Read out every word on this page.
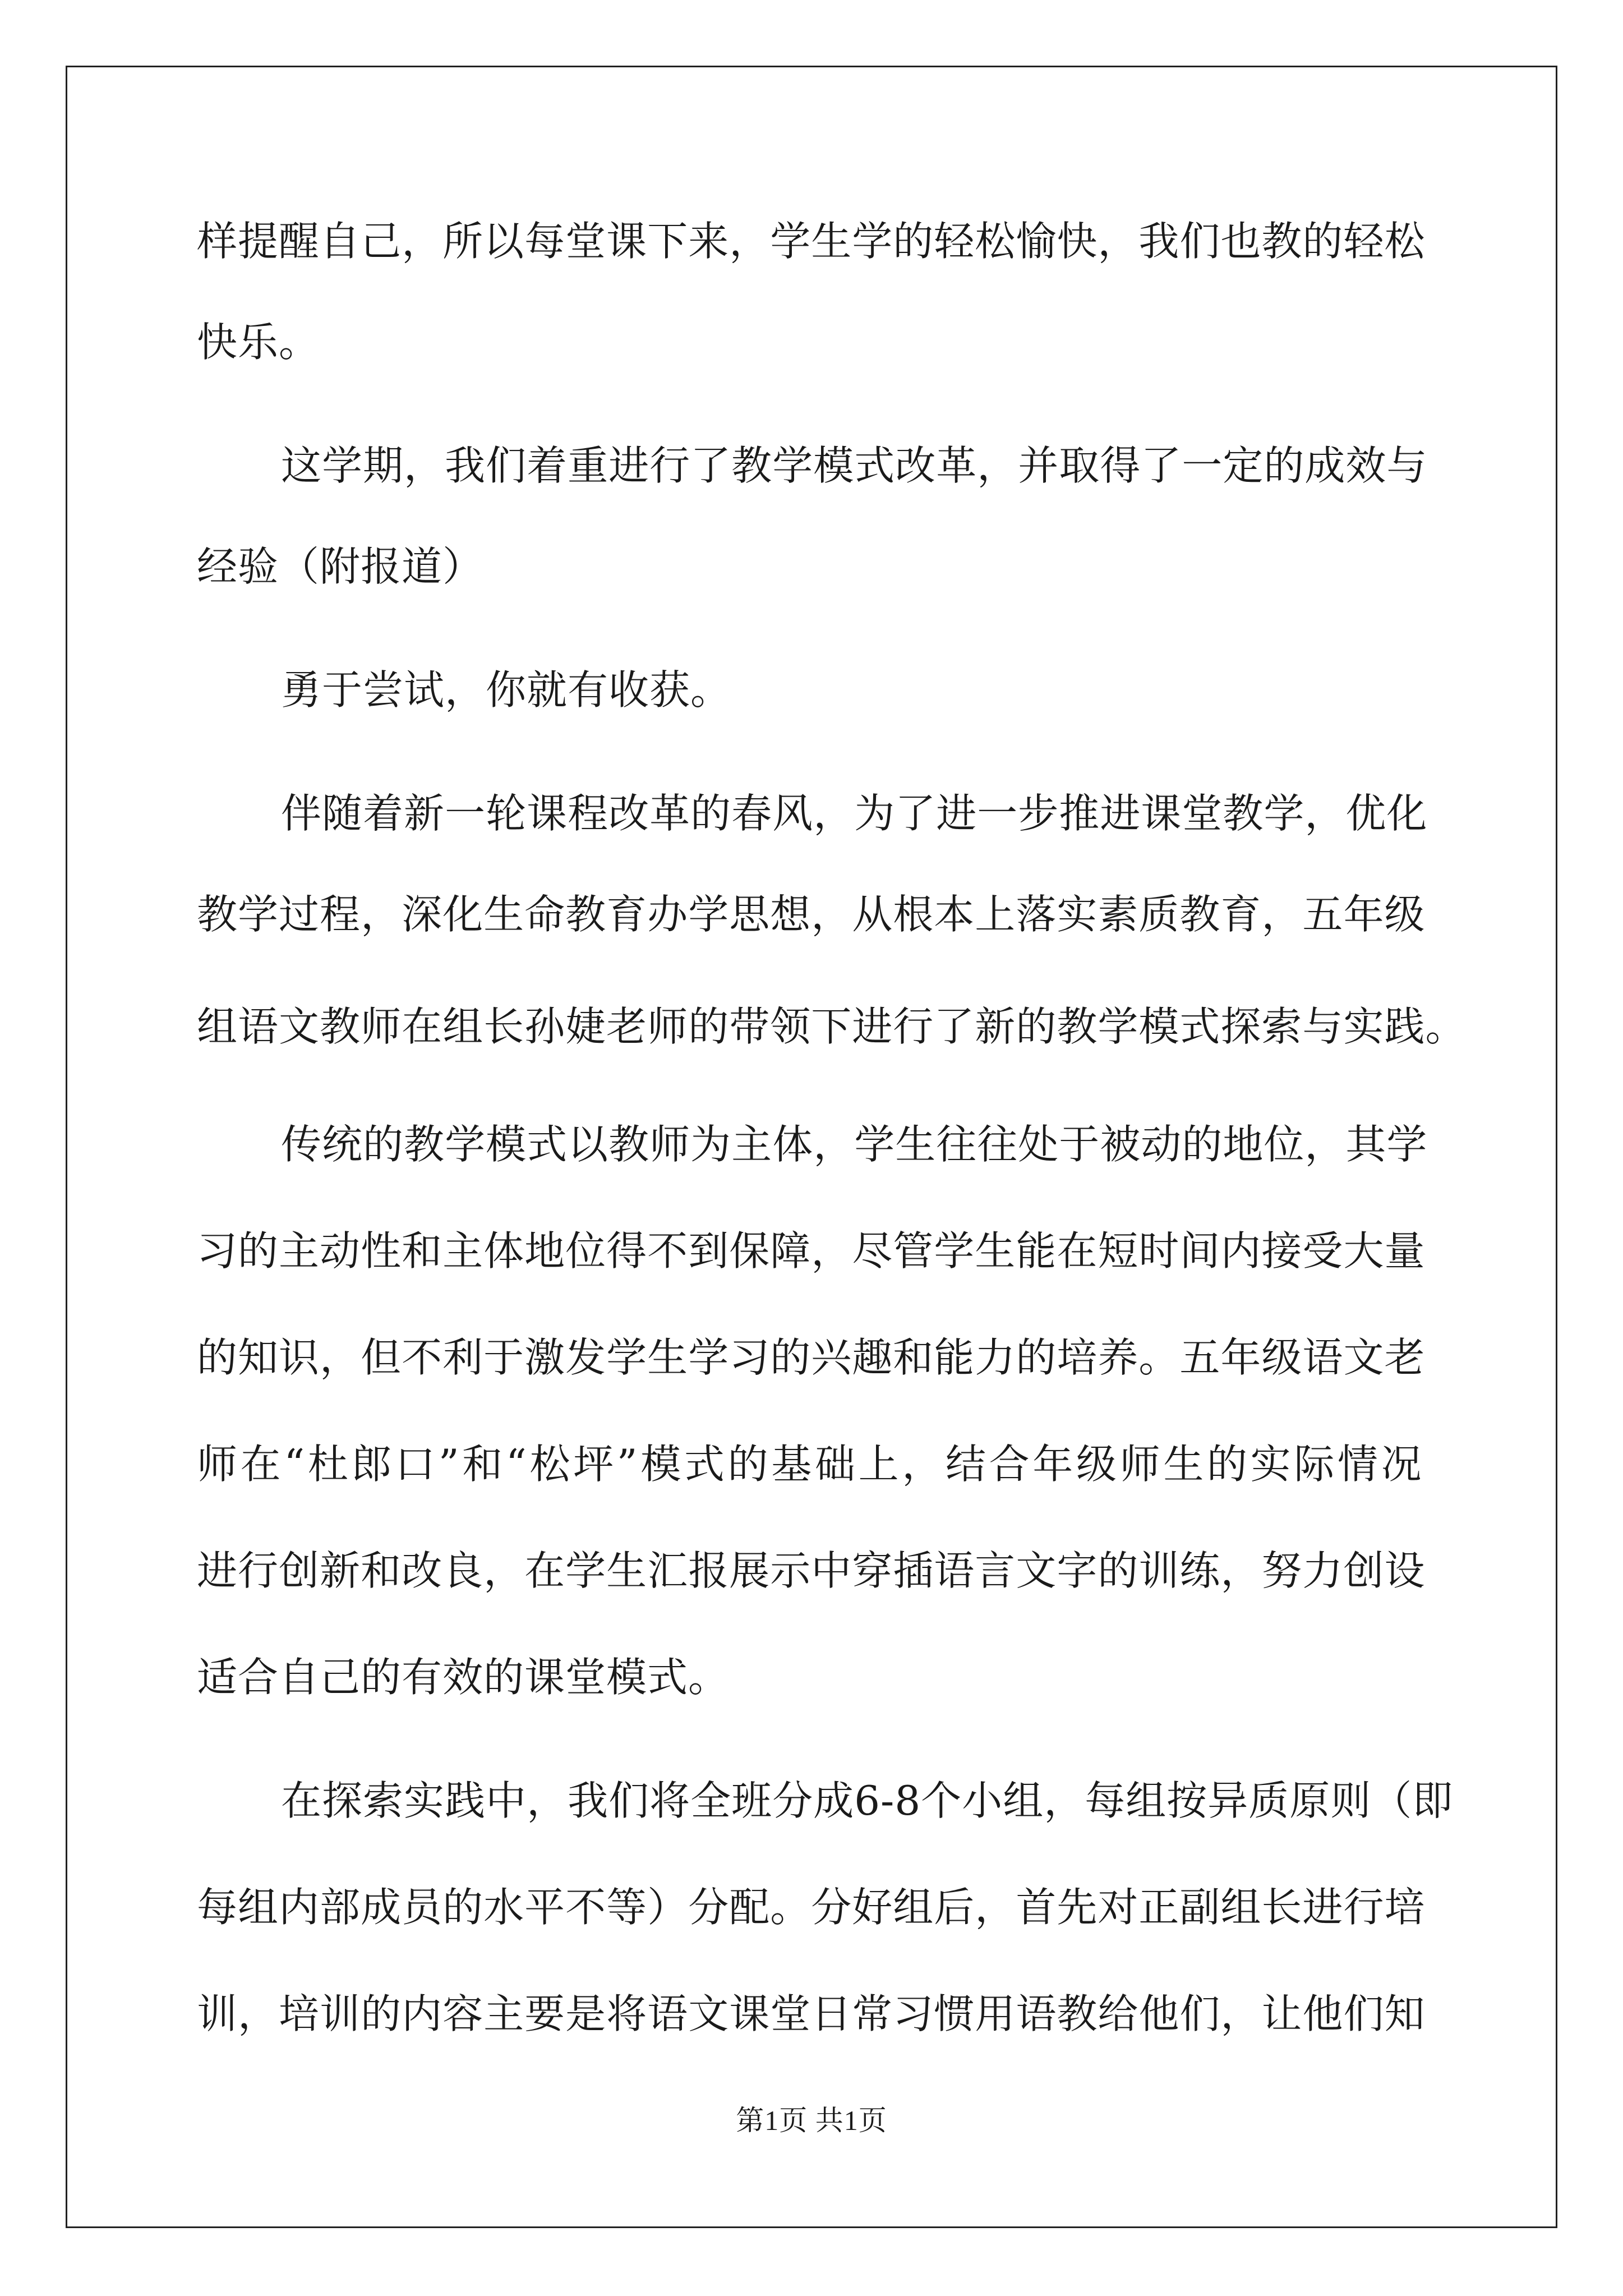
样 提 醒 自 己 ， 所 以 每 堂 课 下 来 ， 学 生 学 的 轻 松 愉 快 ， 我 们 也 教 的 轻 松
快乐。
这 学 期 ， 我 们 着 重 进 行 了 教 学 模 式 改 革 ， 并 取 得 了 一 定 的 成 效 与
经验（附报道）
勇于尝试，你就有收获。
伴 随 着 新 一 轮 课 程 改 革 的 春 风 ， 为 了 进 一 步 推 进 课 堂 教 学 ， 优 化
教 学 过 程 ， 深 化 生 命 教 育 办 学 思 想 ， 从 根 本 上 落 实 素 质 教 育 ， 五 年 级
组 语 文 教 师 在 组 长 孙 婕 老 师 的 带 领 下 进 行 了 新 的 教 学 模 式 探 索 与 实 践 。
传 统 的 教 学 模 式 以 教 师 为 主 体 ， 学 生 往 往 处 于 被 动 的 地 位 ， 其 学
习 的 主 动 性 和 主 体 地 位 得 不 到 保 障 ， 尽 管 学 生 能 在 短 时 间 内 接 受 大 量
的 知 识 ， 但 不 利 于 激 发 学 生 学 习 的 兴 趣 和 能 力 的 培 养 。 五 年 级 语 文 老
师 在 “ 杜 郎 口 ” 和 “ 松 坪 ” 模 式 的 基 础 上 ， 结 合 年 级 师 生 的 实 际 情 况
进 行 创 新 和 改 良 ， 在 学 生 汇 报 展 示 中 穿 插 语 言 文 字 的 训 练 ， 努 力 创 设
适合自己的有效的课堂模式。
在 探 索 实 践 中 ， 我 们 将 全 班 分 成 6 - 8 个 小 组 ， 每 组 按 异 质 原 则 （ 即
每 组 内 部 成 员 的 水 平 不 等 ） 分 配 。 分 好 组 后 ， 首 先 对 正 副 组 长 进 行 培
训 ， 培 训 的 内 容 主 要 是 将 语 文 课 堂 日 常 习 惯 用 语 教 给 他 们 ， 让 他 们 知
第1页 共1页
